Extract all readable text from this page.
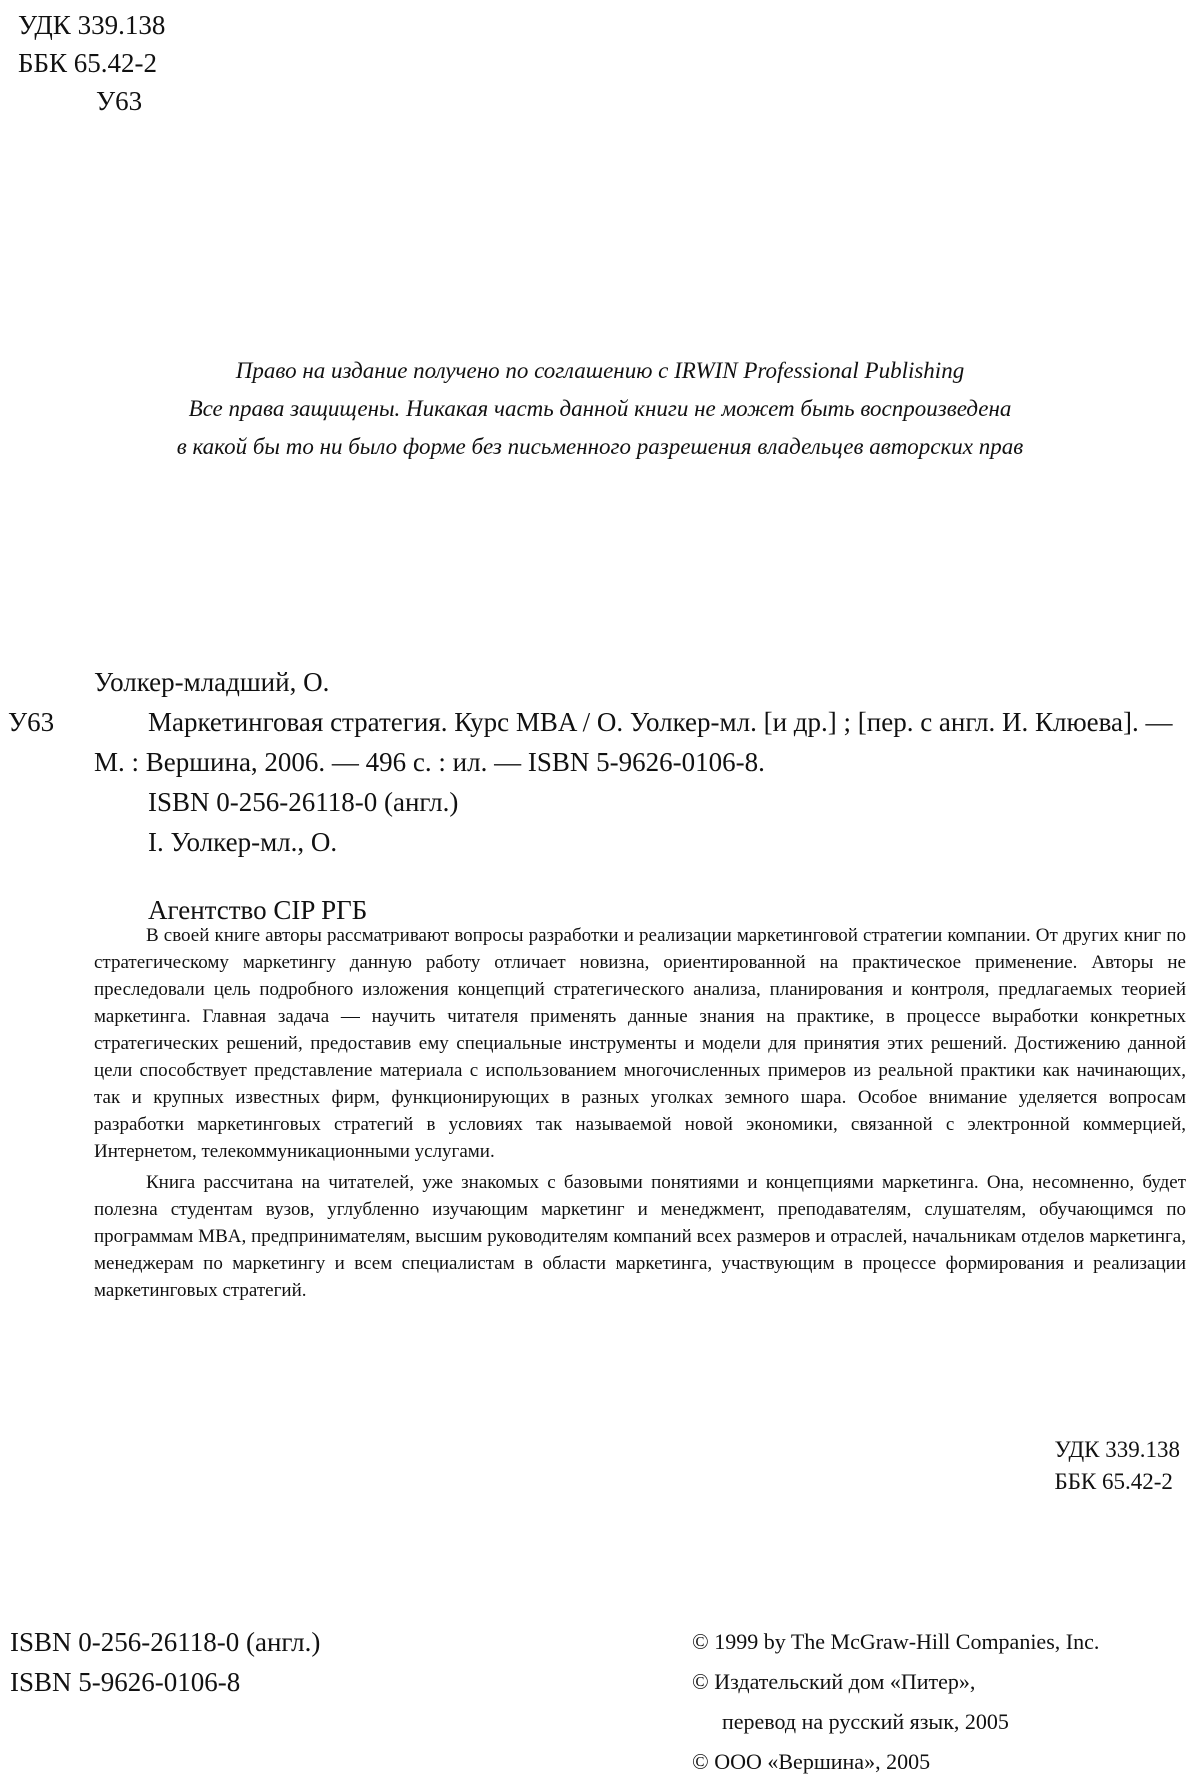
УДК 339.138
ББК 65.42-2
У63
Право на издание получено по соглашению с IRWIN Professional Publishing
Все права защищены. Никакая часть данной книги не может быть воспроизведена
в какой бы то ни было форме без письменного разрешения владельцев авторских прав
Уолкер-младший, О.
У63	Маркетинговая стратегия. Курс MBA / О. Уолкер-мл. [и др.] ; [пер. с англ. И. Клюева]. — М. : Вершина, 2006. — 496 с. : ил. — ISBN 5-9626-0106-8.

ISBN 0-256-26118-0 (англ.)

I. Уолкер-мл., О.

Агентство CIP РГБ

В своей книге авторы рассматривают вопросы разработки и реализации маркетинговой стратегии компании. От других книг по стратегическому маркетингу данную работу отличает новизна, ориентированной на практическое применение. Авторы не преследовали цель подробного изложения концепций стратегического анализа, планирования и контроля, предлагаемых теорией маркетинга. Главная задача — научить читателя применять данные знания на практике, в процессе выработки конкретных стратегических решений, предоставив ему специальные инструменты и модели для принятия этих решений. Достижению данной цели способствует представление материала с использованием многочисленных примеров из реальной практики как начинающих, так и крупных известных фирм, функционирующих в разных уголках земного шара. Особое внимание уделяется вопросам разработки маркетинговых стратегий в условиях так называемой новой экономики, связанной с электронной коммерцией, Интернетом, телекоммуникационными услугами.

Книга рассчитана на читателей, уже знакомых с базовыми понятиями и концепциями маркетинга. Она, несомненно, будет полезна студентам вузов, углубленно изучающим маркетинг и менеджмент, преподавателям, слушателям, обучающимся по программам MBA, предпринимателям, высшим руководителям компаний всех размеров и отраслей, начальникам отделов маркетинга, менеджерам по маркетингу и всем специалистам в области маркетинга, участвующим в процессе формирования и реализации маркетинговых стратегий.

УДК 339.138
ББК 65.42-2
ISBN 0-256-26118-0 (англ.)
ISBN 5-9626-0106-8
© 1999 by The McGraw-Hill Companies, Inc.
© Издательский дом «Питер»,
перевод на русский язык, 2005
© ООО «Вершина», 2005
